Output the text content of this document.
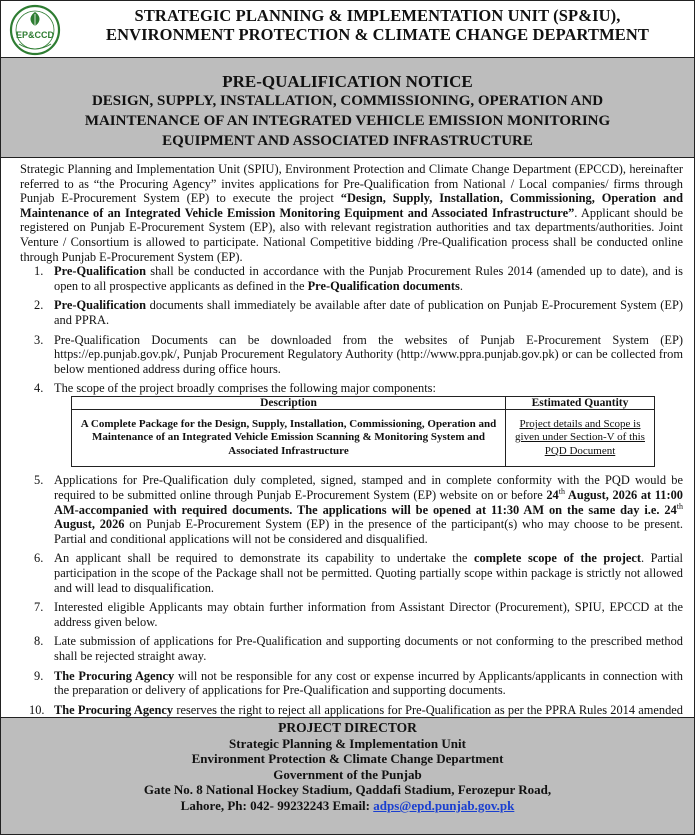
EP&CCD
STRATEGIC PLANNING & IMPLEMENTATION UNIT (SP&IU),
ENVIRONMENT PROTECTION & CLIMATE CHANGE DEPARTMENT
PRE-QUALIFICATION NOTICE
DESIGN, SUPPLY, INSTALLATION, COMMISSIONING, OPERATION AND
MAINTENANCE OF AN INTEGRATED VEHICLE EMISSION MONITORING
EQUIPMENT AND ASSOCIATED INFRASTRUCTURE

Strategic Planning and Implementation Unit (SPIU), Environment Protection and Climate Change Department (EPCCD), hereinafter referred to as “the Procuring Agency” invites applications for Pre-Qualification from National / Local companies/ firms through Punjab E-Procurement System (EP) to execute the project “Design, Supply, Installation, Commissioning, Operation and Maintenance of an Integrated Vehicle Emission Monitoring Equipment and Associated Infrastructure”. Applicant should be registered on Punjab E-Procurement System (EP), also with relevant registration authorities and tax departments/authorities. Joint Venture / Consortium is allowed to participate. National Competitive bidding /Pre-Qualification process shall be conducted online through Punjab E-Procurement System (EP).

1. Pre-Qualification shall be conducted in accordance with the Punjab Procurement Rules 2014 (amended up to date), and is open to all prospective applicants as defined in the Pre-Qualification documents.
2. Pre-Qualification documents shall immediately be available after date of publication on Punjab E-Procurement System (EP) and PPRA.
3. Pre-Qualification Documents can be downloaded from the websites of Punjab E-Procurement System (EP) https://ep.punjab.gov.pk/, Punjab Procurement Regulatory Authority (http://www.ppra.punjab.gov.pk) or can be collected from below mentioned address during office hours.
4. The scope of the project broadly comprises the following major components:
Description	Estimated Quantity
A Complete Package for the Design, Supply, Installation, Commissioning, Operation and Maintenance of an Integrated Vehicle Emission Scanning & Monitoring System and Associated Infrastructure	Project details and Scope is given under Section-V of this PQD Document
5. Applications for Pre-Qualification duly completed, signed, stamped and in complete conformity with the PQD would be required to be submitted online through Punjab E-Procurement System (EP) website on or before 24th August, 2026 at 11:00 AM-accompanied with required documents. The applications will be opened at 11:30 AM on the same day i.e. 24th August, 2026 on Punjab E-Procurement System (EP) in the presence of the participant(s) who may choose to be present. Partial and conditional applications will not be considered and disqualified.
6. An applicant shall be required to demonstrate its capability to undertake the complete scope of the project. Partial participation in the scope of the Package shall not be permitted. Quoting partially scope within package is strictly not allowed and will lead to disqualification.
7. Interested eligible Applicants may obtain further information from Assistant Director (Procurement), SPIU, EPCCD at the address given below.
8. Late submission of applications for Pre-Qualification and supporting documents or not conforming to the prescribed method shall be rejected straight away.
9. The Procuring Agency will not be responsible for any cost or expense incurred by Applicants/applicants in connection with the preparation or delivery of applications for Pre-Qualification and supporting documents.
10. The Procuring Agency reserves the right to reject all applications for Pre-Qualification as per the PPRA Rules 2014 amended
PROJECT DIRECTOR
Strategic Planning & Implementation Unit
Environment Protection & Climate Change Department
Government of the Punjab
Gate No. 8 National Hockey Stadium, Qaddafi Stadium, Ferozepur Road,
Lahore, Ph: 042- 99232243 Email: adps@epd.punjab.gov.pk
